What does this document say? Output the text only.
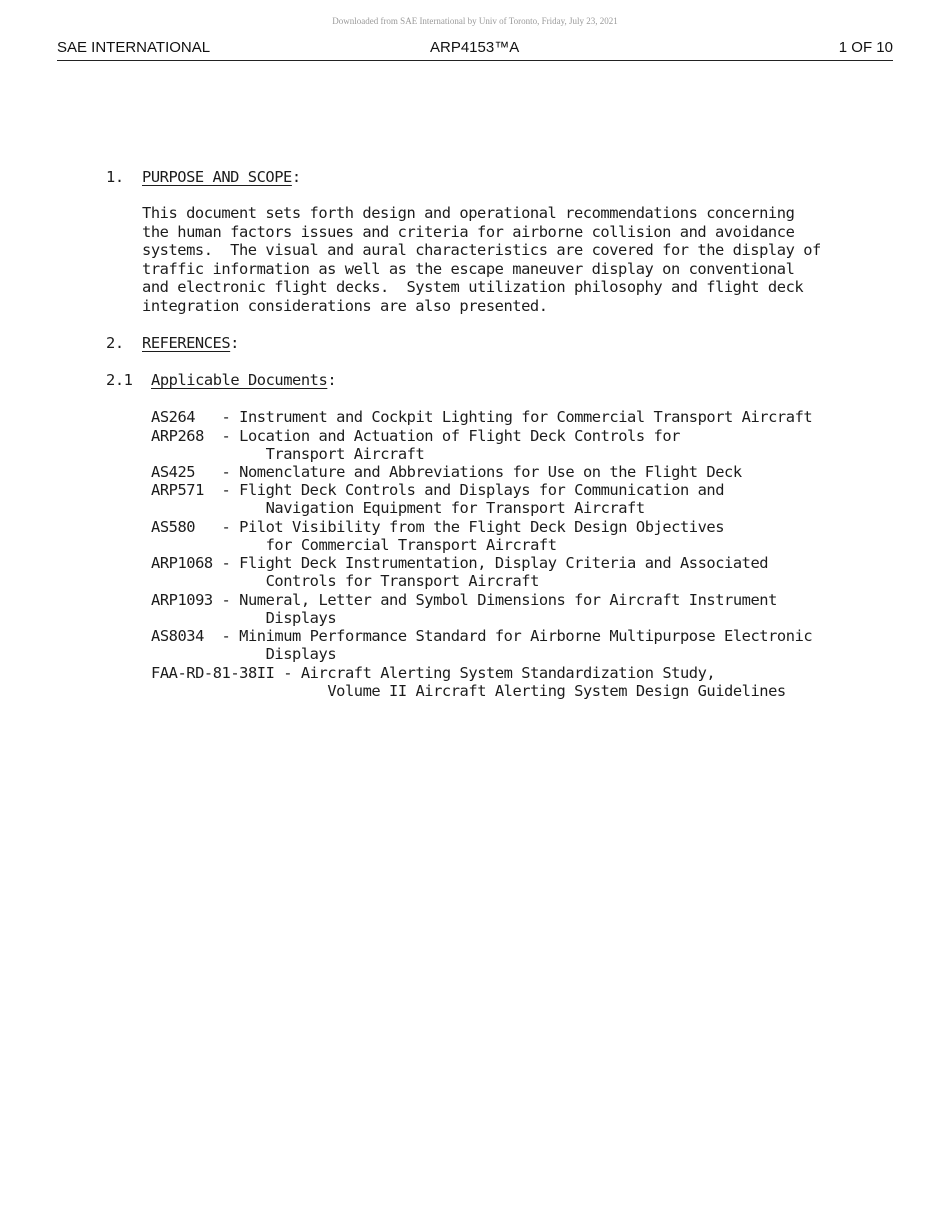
Downloaded from SAE International by Univ of Toronto, Friday, July 23, 2021
SAE INTERNATIONAL	ARP4153™A	1 OF 10
1. PURPOSE AND SCOPE:
This document sets forth design and operational recommendations concerning
the human factors issues and criteria for airborne collision and avoidance
systems.  The visual and aural characteristics are covered for the display of
traffic information as well as the escape maneuver display on conventional
and electronic flight decks.  System utilization philosophy and flight deck
integration considerations are also presented.
2. REFERENCES:
2.1 Applicable Documents:
AS264   - Instrument and Cockpit Lighting for Commercial Transport Aircraft
ARP268  - Location and Actuation of Flight Deck Controls for
Transport Aircraft
AS425   - Nomenclature and Abbreviations for Use on the Flight Deck
ARP571  - Flight Deck Controls and Displays for Communication and
Navigation Equipment for Transport Aircraft
AS580   - Pilot Visibility from the Flight Deck Design Objectives
for Commercial Transport Aircraft
ARP1068 - Flight Deck Instrumentation, Display Criteria and Associated
Controls for Transport Aircraft
ARP1093 - Numeral, Letter and Symbol Dimensions for Aircraft Instrument
Displays
AS8034  - Minimum Performance Standard for Airborne Multipurpose Electronic
Displays
FAA-RD-81-38II - Aircraft Alerting System Standardization Study,
Volume II Aircraft Alerting System Design Guidelines
